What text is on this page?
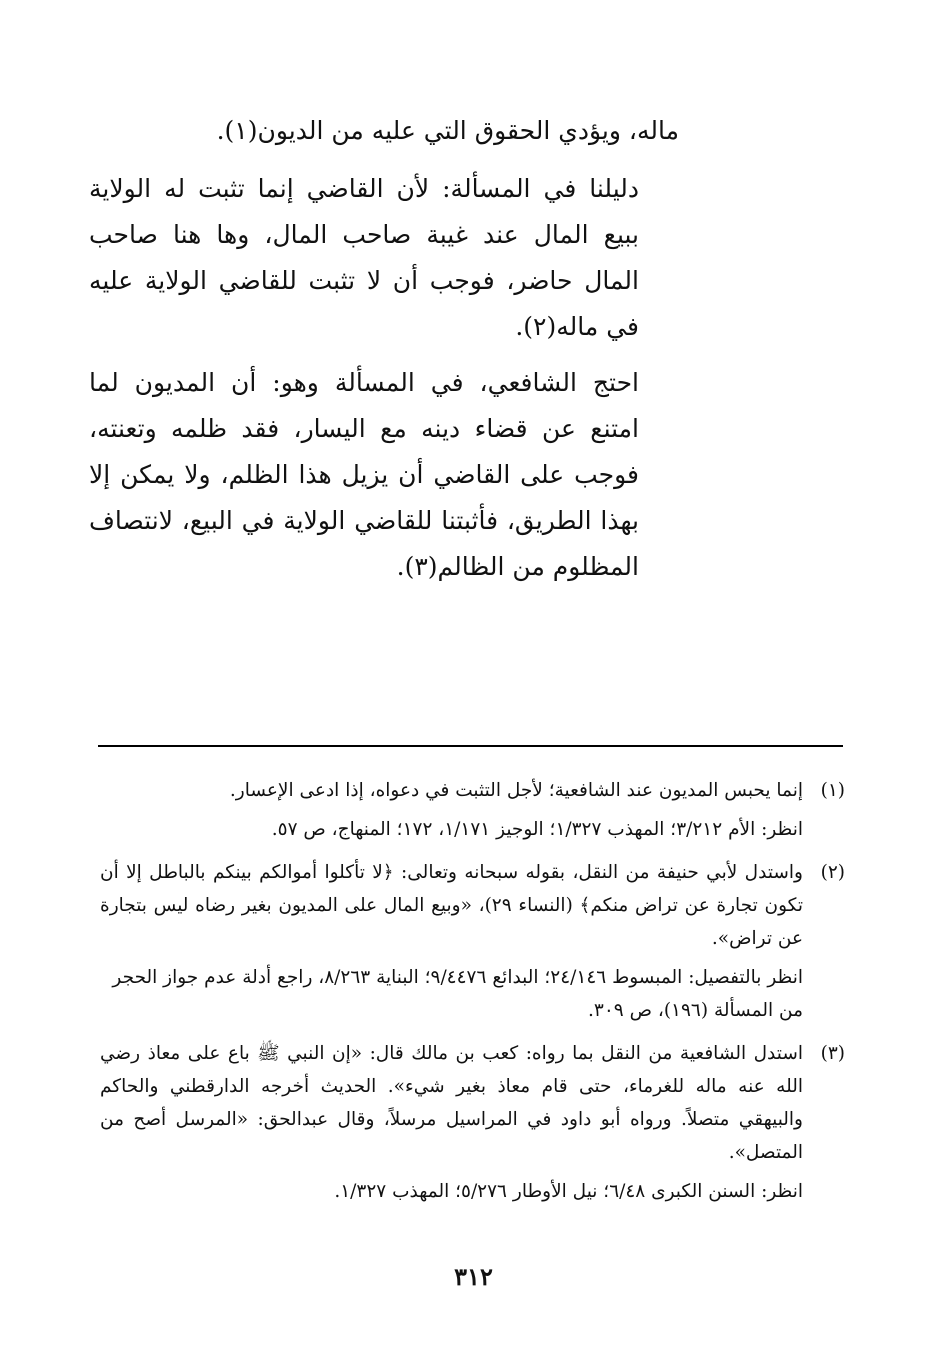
ماله، ويؤدي الحقوق التي عليه من الديون(١).

دليلنا في المسألة: لأن القاضي إنما تثبت له الولاية ببيع المال عند غيبة صاحب المال، وها هنا صاحب المال حاضر، فوجب أن لا تثبت للقاضي الولاية عليه في ماله(٢).

احتج الشافعي، في المسألة وهو: أن المديون لما امتنع عن قضاء دينه مع اليسار، فقد ظلمه وتعنته، فوجب على القاضي أن يزيل هذا الظلم، ولا يمكن إلا بهذا الطريق، فأثبتنا للقاضي الولاية في البيع، لانتصاف المظلوم من الظالم(٣).

(١)
إنما يحبس المديون عند الشافعية؛ لأجل التثبت في دعواه، إذا ادعى الإعسار.
انظر: الأم ٣/٢١٢؛ المهذب ١/٣٢٧؛ الوجيز ١/١٧١، ١٧٢؛ المنهاج، ص ٥٧.
(٢)
واستدل لأبي حنيفة من النقل، بقوله سبحانه وتعالى: ﴿لا تأكلوا أموالكم بينكم بالباطل إلا أن تكون تجارة عن تراض منكم﴾ (النساء ٢٩)، «وبيع المال على المديون بغير رضاه ليس بتجارة عن تراض».
انظر بالتفصيل: المبسوط ٢٤/١٤٦؛ البدائع ٩/٤٤٧٦؛ البناية ٨/٢٦٣، راجع أدلة عدم جواز الحجر من المسألة (١٩٦)، ص ٣٠٩.
(٣)
استدل الشافعية من النقل بما رواه: كعب بن مالك قال: «إن النبي ﷺ باع على معاذ رضي الله عنه ماله للغرماء، حتى قام معاذ بغير شيء». الحديث أخرجه الدارقطني والحاكم والبيهقي متصلاً. ورواه أبو داود في المراسيل مرسلاً، وقال عبدالحق: «المرسل أصح من المتصل».
انظر: السنن الكبرى ٦/٤٨؛ نيل الأوطار ٥/٢٧٦؛ المهذب ١/٣٢٧.
٣١٢
